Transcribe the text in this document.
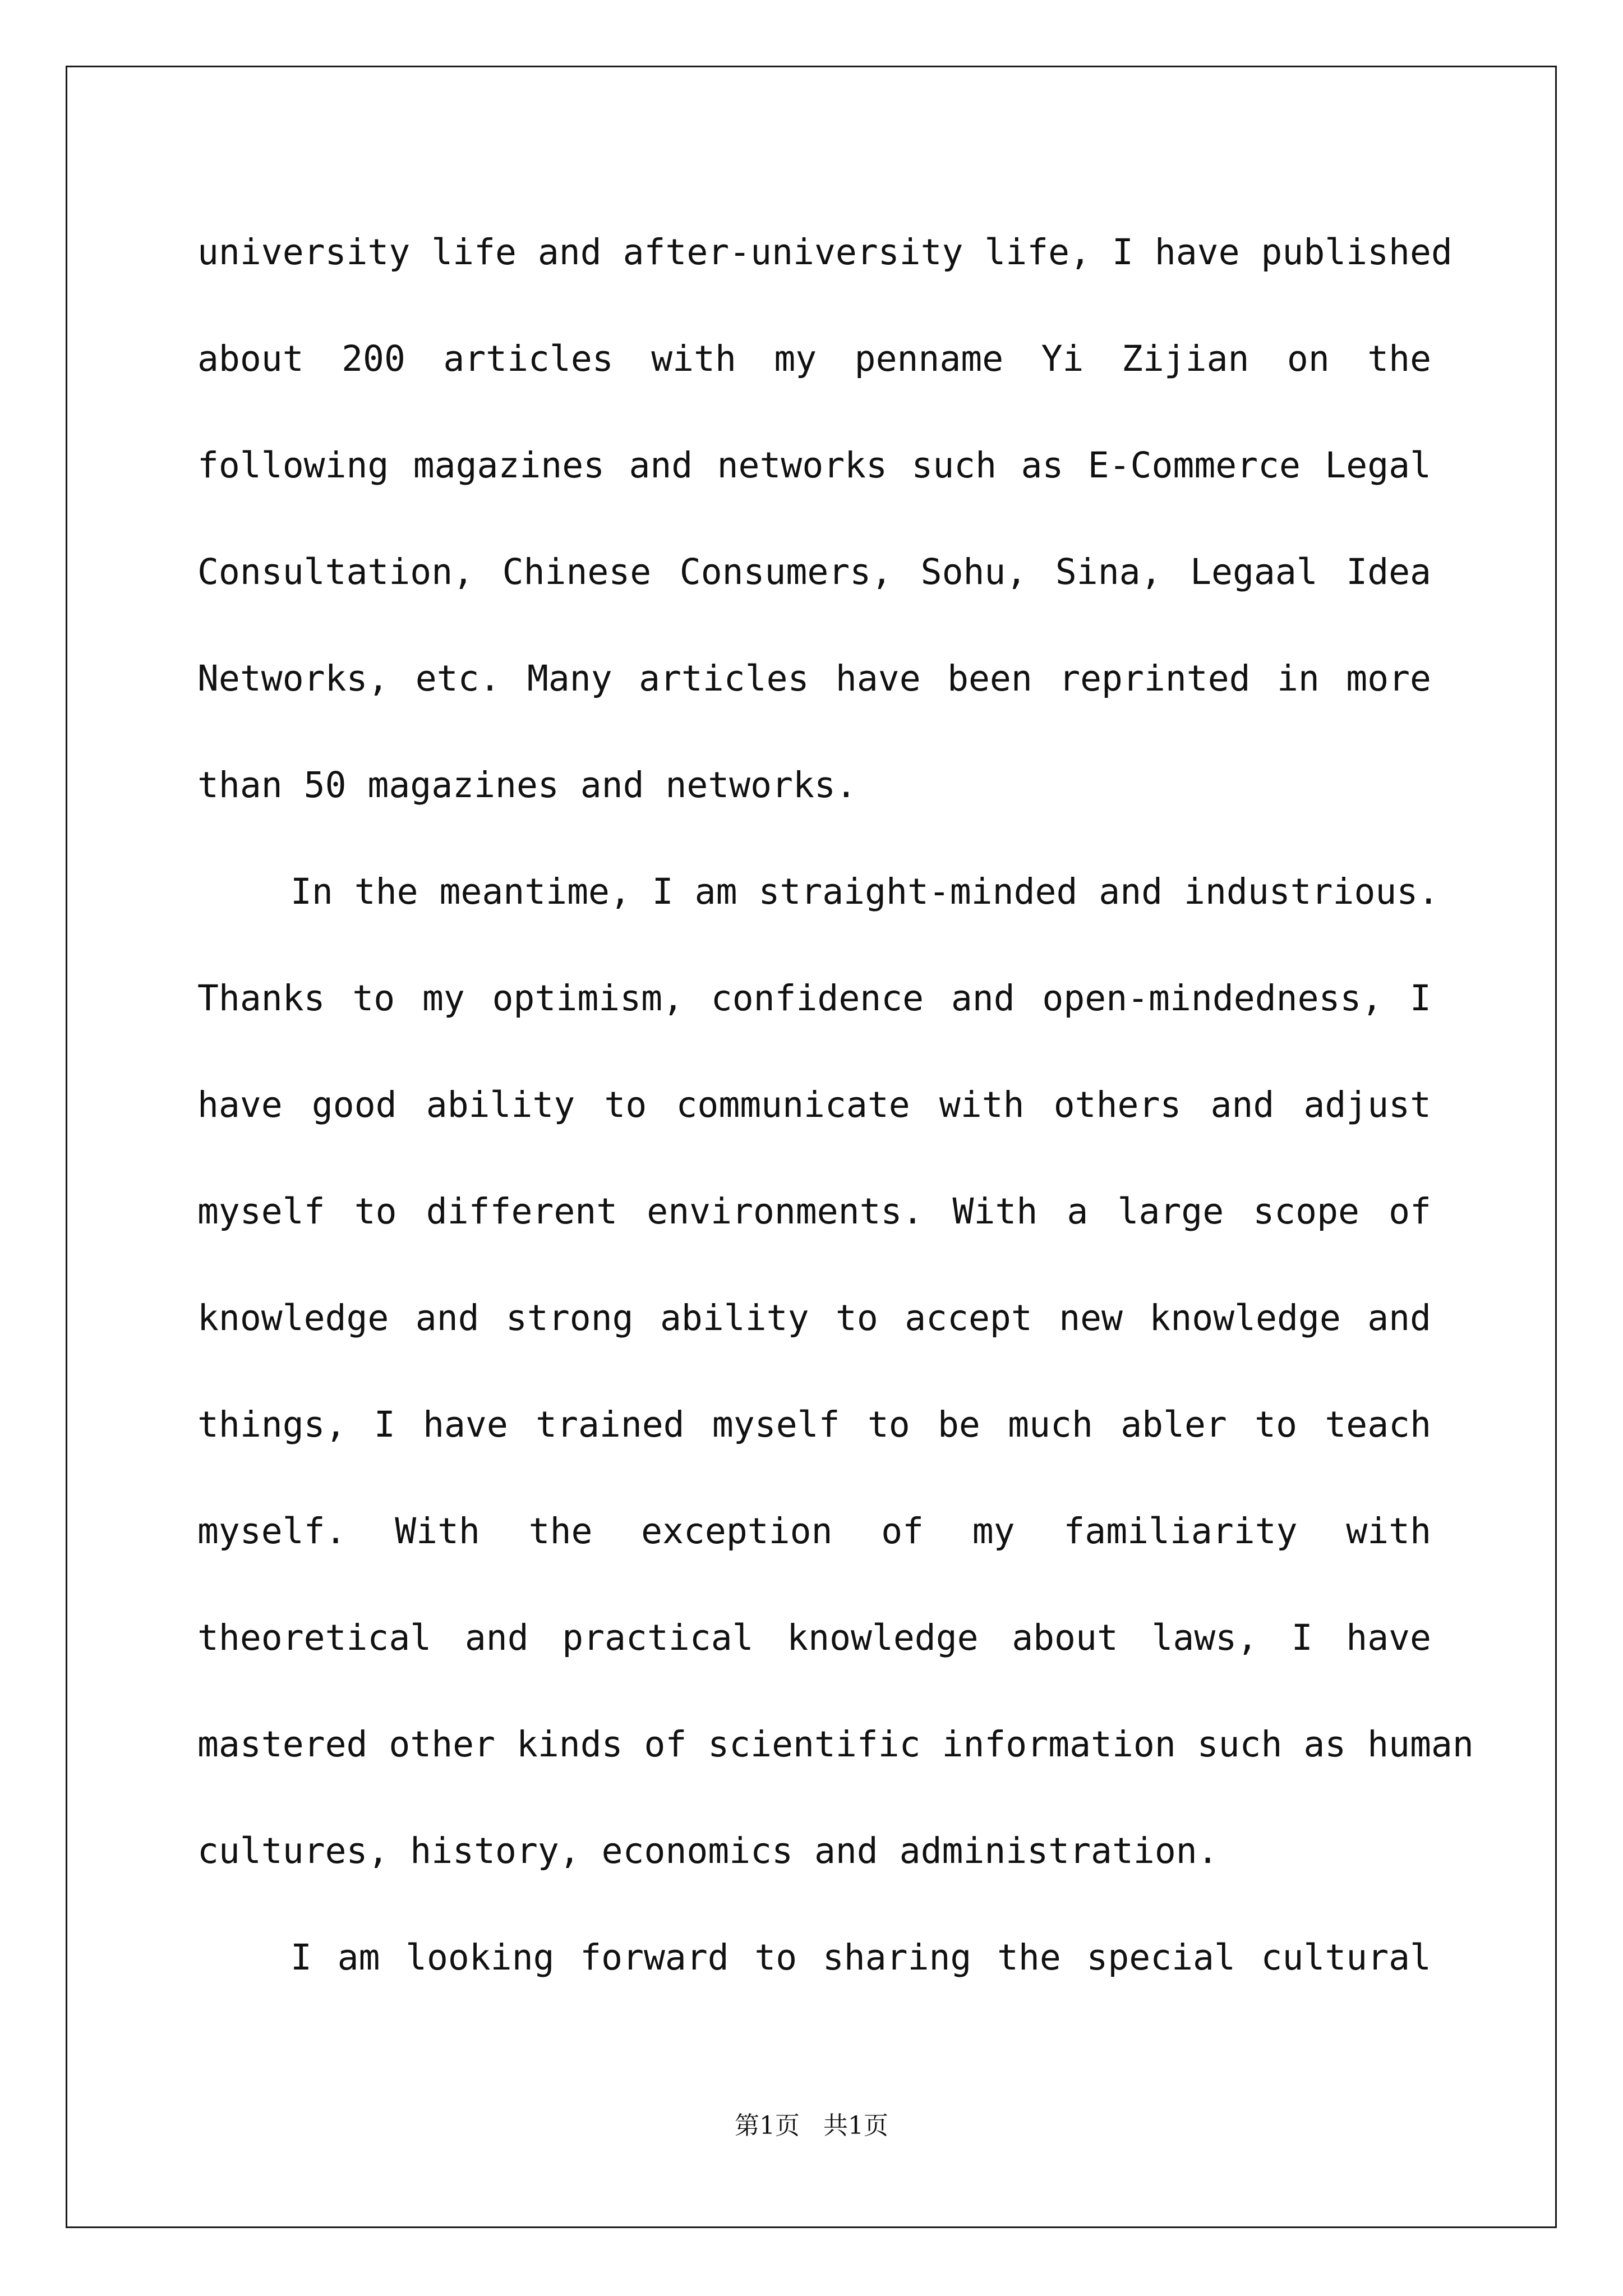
university life and after-university life, I have published
about 200 articles with my penname Yi Zijian on the
following magazines and networks such as E-Commerce Legal
Consultation, Chinese Consumers, Sohu, Sina, Legaal Idea
Networks, etc. Many articles have been reprinted in more
than 50 magazines and networks.
In the meantime, I am straight-minded and industrious.
Thanks to my optimism, confidence and open-mindedness, I
have good ability to communicate with others and adjust
myself to different environments. With a large scope of
knowledge and strong ability to accept new knowledge and
things, I have trained myself to be much abler to teach
myself. With the exception of my familiarity with
theoretical and practical knowledge about laws, I have
mastered other kinds of scientific information such as human
cultures, history, economics and administration.
I am looking forward to sharing the special cultural
第1页 共1页
